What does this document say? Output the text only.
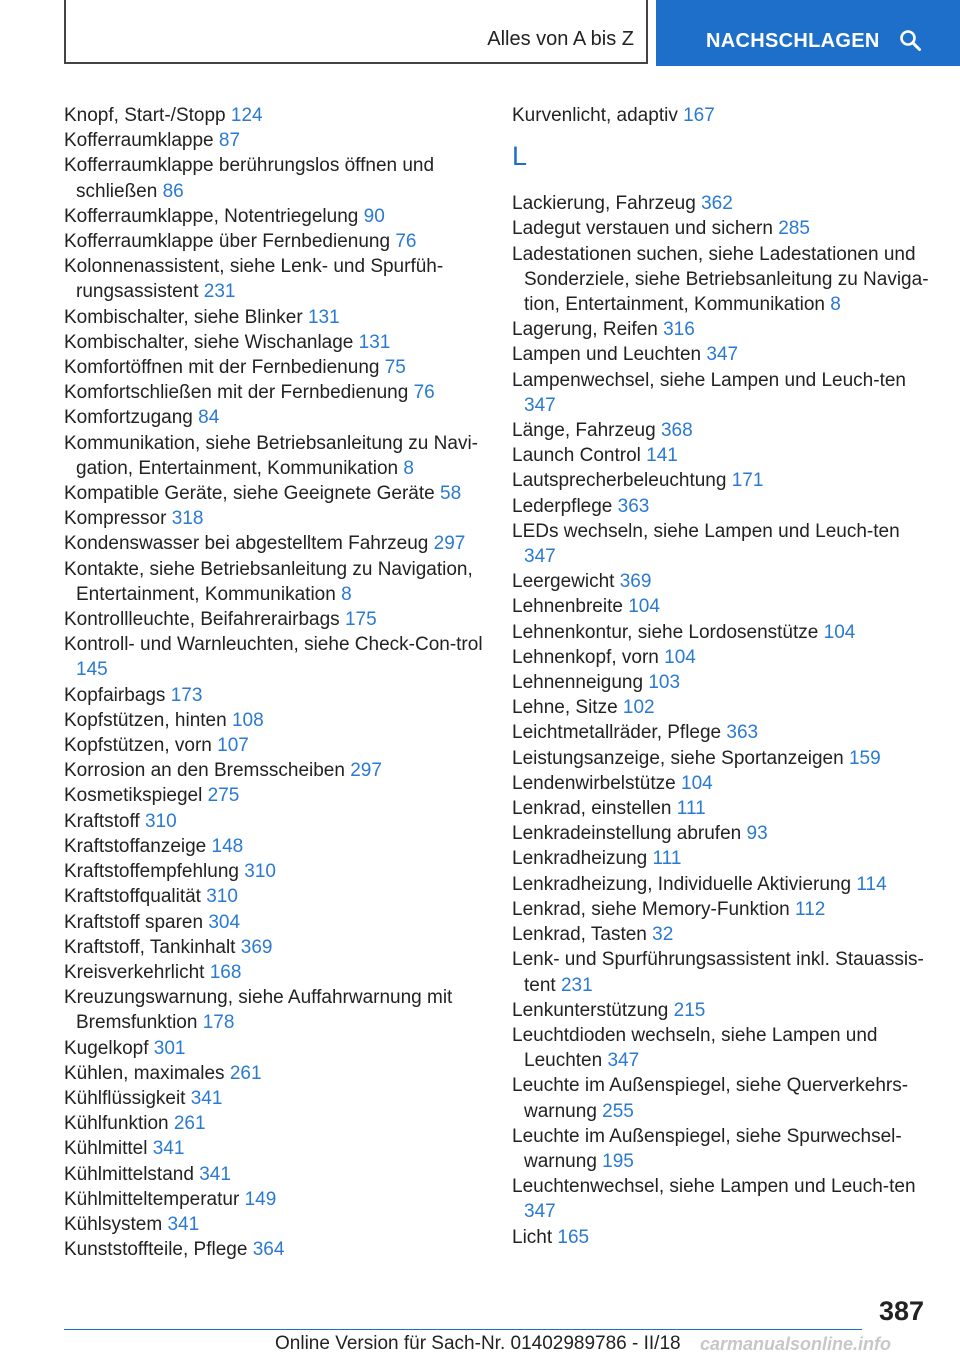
Alles von A bis Z	NACHSCHLAGEN
Knopf, Start-/Stopp 124
Kofferraumklappe 87
Kofferraumklappe berührungslos öffnen und schließen 86
Kofferraumklappe, Notentriegelung 90
Kofferraumklappe über Fernbedienung 76
Kolonnenassistent, siehe Lenk- und Spurfüh‐rungsassistent 231
Kombischalter, siehe Blinker 131
Kombischalter, siehe Wischanlage 131
Komfortöffnen mit der Fernbedienung 75
Komfortschließen mit der Fernbedienung 76
Komfortzugang 84
Kommunikation, siehe Betriebsanleitung zu Navi‐gation, Entertainment, Kommunikation 8
Kompatible Geräte, siehe Geeignete Geräte 58
Kompressor 318
Kondenswasser bei abgestelltem Fahrzeug 297
Kontakte, siehe Betriebsanleitung zu Navigation, Entertainment, Kommunikation 8
Kontrollleuchte, Beifahrerairbags 175
Kontroll- und Warnleuchten, siehe Check-Con‐trol 145
Kopfairbags 173
Kopfstützen, hinten 108
Kopfstützen, vorn 107
Korrosion an den Bremsscheiben 297
Kosmetikspiegel 275
Kraftstoff 310
Kraftstoffanzeige 148
Kraftstoffempfehlung 310
Kraftstoffqualität 310
Kraftstoff sparen 304
Kraftstoff, Tankinhalt 369
Kreisverkehrlicht 168
Kreuzungswarnung, siehe Auffahrwarnung mit Bremsfunktion 178
Kugelkopf 301
Kühlen, maximales 261
Kühlflüssigkeit 341
Kühlfunktion 261
Kühlmittel 341
Kühlmittelstand 341
Kühlmitteltemperatur 149
Kühlsystem 341
Kunststoffteile, Pflege 364
Kurvenlicht, adaptiv 167
L
Lackierung, Fahrzeug 362
Ladegut verstauen und sichern 285
Ladestationen suchen, siehe Ladestationen und Sonderziele, siehe Betriebsanleitung zu Naviga‐tion, Entertainment, Kommunikation 8
Lagerung, Reifen 316
Lampen und Leuchten 347
Lampenwechsel, siehe Lampen und Leuch‐ten 347
Länge, Fahrzeug 368
Launch Control 141
Lautsprecherbeleuchtung 171
Lederpflege 363
LEDs wechseln, siehe Lampen und Leuch‐ten 347
Leergewicht 369
Lehnenbreite 104
Lehnenkontur, siehe Lordosenstütze 104
Lehnenkopf, vorn 104
Lehnenneigung 103
Lehne, Sitze 102
Leichtmetallräder, Pflege 363
Leistungsanzeige, siehe Sportanzeigen 159
Lendenwirbelstütze 104
Lenkrad, einstellen 111
Lenkradeinstellung abrufen 93
Lenkradheizung 111
Lenkradheizung, Individuelle Aktivierung 114
Lenkrad, siehe Memory-Funktion 112
Lenkrad, Tasten 32
Lenk- und Spurführungsassistent inkl. Stauassis‐tent 231
Lenkunterstützung 215
Leuchtdioden wechseln, siehe Lampen und Leuchten 347
Leuchte im Außenspiegel, siehe Querverkehrs‐warnung 255
Leuchte im Außenspiegel, siehe Spurwechsel‐warnung 195
Leuchtenwechsel, siehe Lampen und Leuch‐ten 347
Licht 165
387
Online Version für Sach-Nr. 01402989786 - II/18 carmanualsonline.info
